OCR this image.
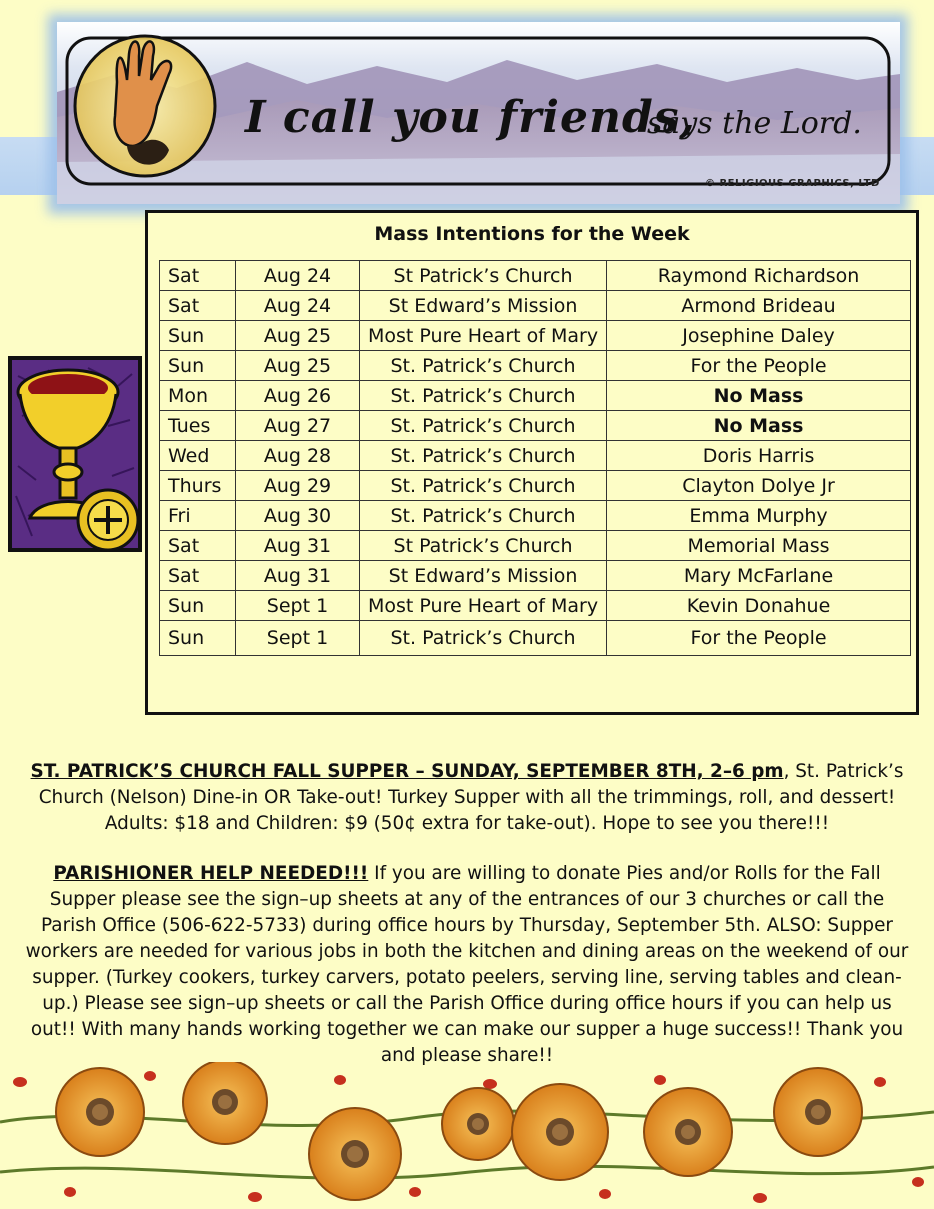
I call you friends,
says the Lord.
© RELIGIOUS GRAPHICS, LTD
Mass Intentions for the Week
Sat	Aug 24	St Patrick’s Church	Raymond Richardson
Sat	Aug 24	St Edward’s Mission	Armond Brideau
Sun	Aug 25	Most Pure Heart of Mary	Josephine Daley
Sun	Aug 25	St. Patrick’s Church	For the People
Mon	Aug 26	St. Patrick’s Church	No Mass
Tues	Aug 27	St. Patrick’s Church	No Mass
Wed	Aug 28	St. Patrick’s Church	Doris Harris
Thurs	Aug 29	St. Patrick’s Church	Clayton Dolye Jr
Fri	Aug 30	St. Patrick’s Church	Emma Murphy
Sat	Aug 31	St Patrick’s Church	Memorial Mass
Sat	Aug 31	St Edward’s Mission	Mary McFarlane
Sun	Sept 1	Most Pure Heart of Mary	Kevin Donahue
Sun	Sept 1	St. Patrick’s Church	For the People
ST. PATRICK’S CHURCH FALL SUPPER – SUNDAY, SEPTEMBER 8TH, 2–6 pm, St. Patrick’s Church (Nelson) Dine-in OR Take-out! Turkey Supper with all the trimmings, roll, and dessert! Adults: $18 and Children: $9 (50¢ extra for take-out). Hope to see you there!!!
PARISHIONER HELP NEEDED!!! If you are willing to donate Pies and/or Rolls for the Fall Supper please see the sign–up sheets at any of the entrances of our 3 churches or call the Parish Office (506-622-5733) during office hours by Thursday, September 5th. ALSO: Supper workers are needed for various jobs in both the kitchen and dining areas on the weekend of our supper. (Turkey cookers, turkey carvers, potato peelers, serving line, serving tables and clean-up.) Please see sign–up sheets or call the Parish Office during office hours if you can help us out!! With many hands working together we can make our supper a huge success!! Thank you and please share!!
